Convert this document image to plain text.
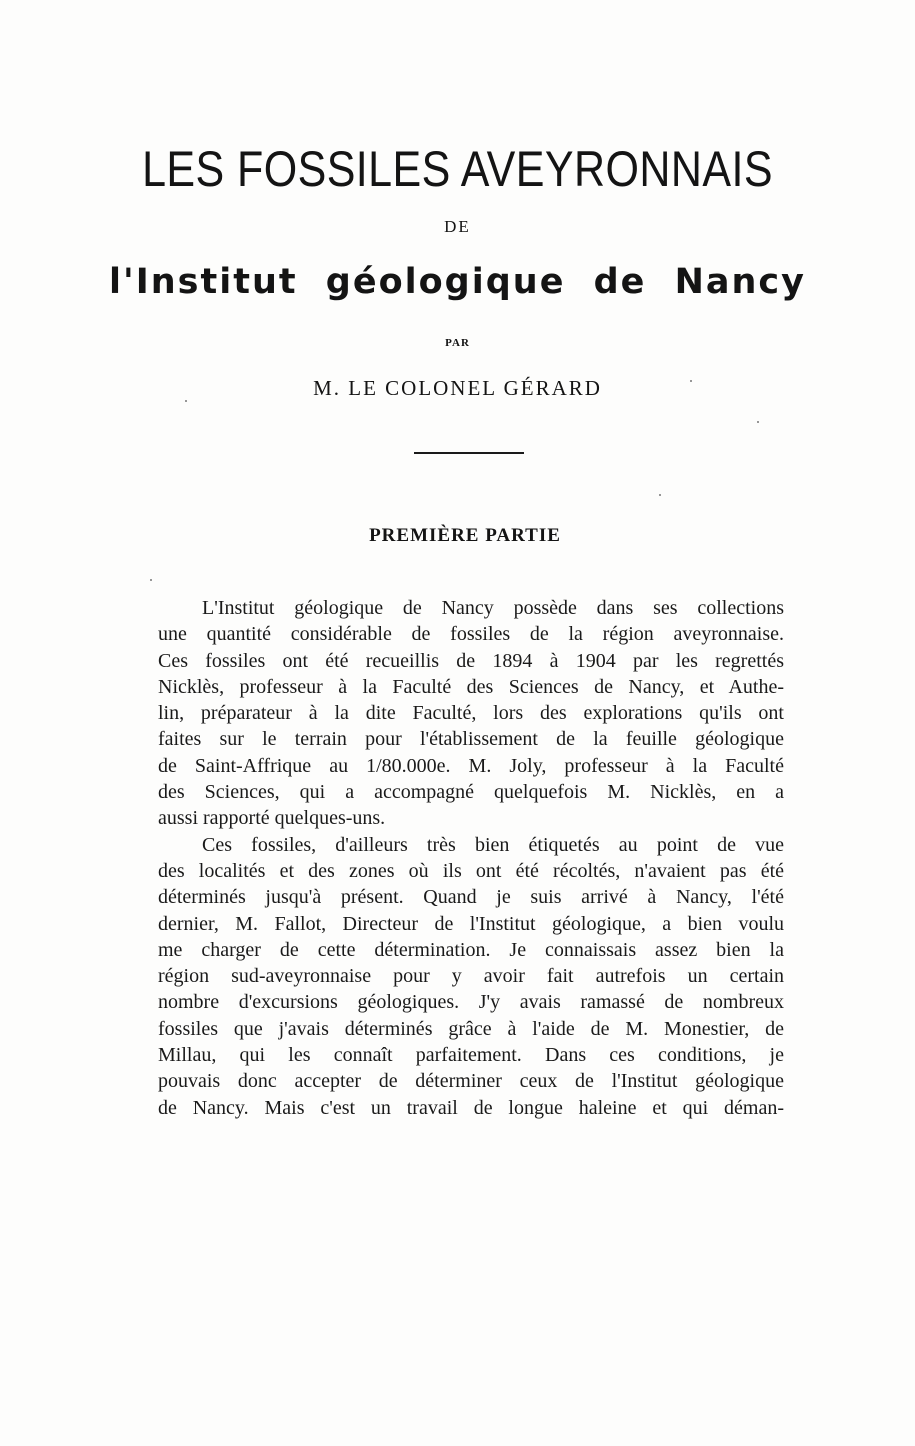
LES FOSSILES AVEYRONNAIS
DE
l'Institut géologique de Nancy
PAR
M. LE COLONEL GÉRARD
PREMIÈRE PARTIE
L'Institut géologique de Nancy possède dans ses collections
une quantité considérable de fossiles de la région aveyronnaise.
Ces fossiles ont été recueillis de 1894 à 1904 par les regrettés
Nicklès, professeur à la Faculté des Sciences de Nancy, et Authe-
lin, préparateur à la dite Faculté, lors des explorations qu'ils ont
faites sur le terrain pour l'établissement de la feuille géologique
de Saint-Affrique au 1/80.000e. M. Joly, professeur à la Faculté
des Sciences, qui a accompagné quelquefois M. Nicklès, en a
aussi rapporté quelques-uns.
Ces fossiles, d'ailleurs très bien étiquetés au point de vue
des localités et des zones où ils ont été récoltés, n'avaient pas été
déterminés jusqu'à présent. Quand je suis arrivé à Nancy, l'été
dernier, M. Fallot, Directeur de l'Institut géologique, a bien voulu
me charger de cette détermination. Je connaissais assez bien la
région sud-aveyronnaise pour y avoir fait autrefois un certain
nombre d'excursions géologiques. J'y avais ramassé de nombreux
fossiles que j'avais déterminés grâce à l'aide de M. Monestier, de
Millau, qui les connaît parfaitement. Dans ces conditions, je
pouvais donc accepter de déterminer ceux de l'Institut géologique
de Nancy. Mais c'est un travail de longue haleine et qui déman-
